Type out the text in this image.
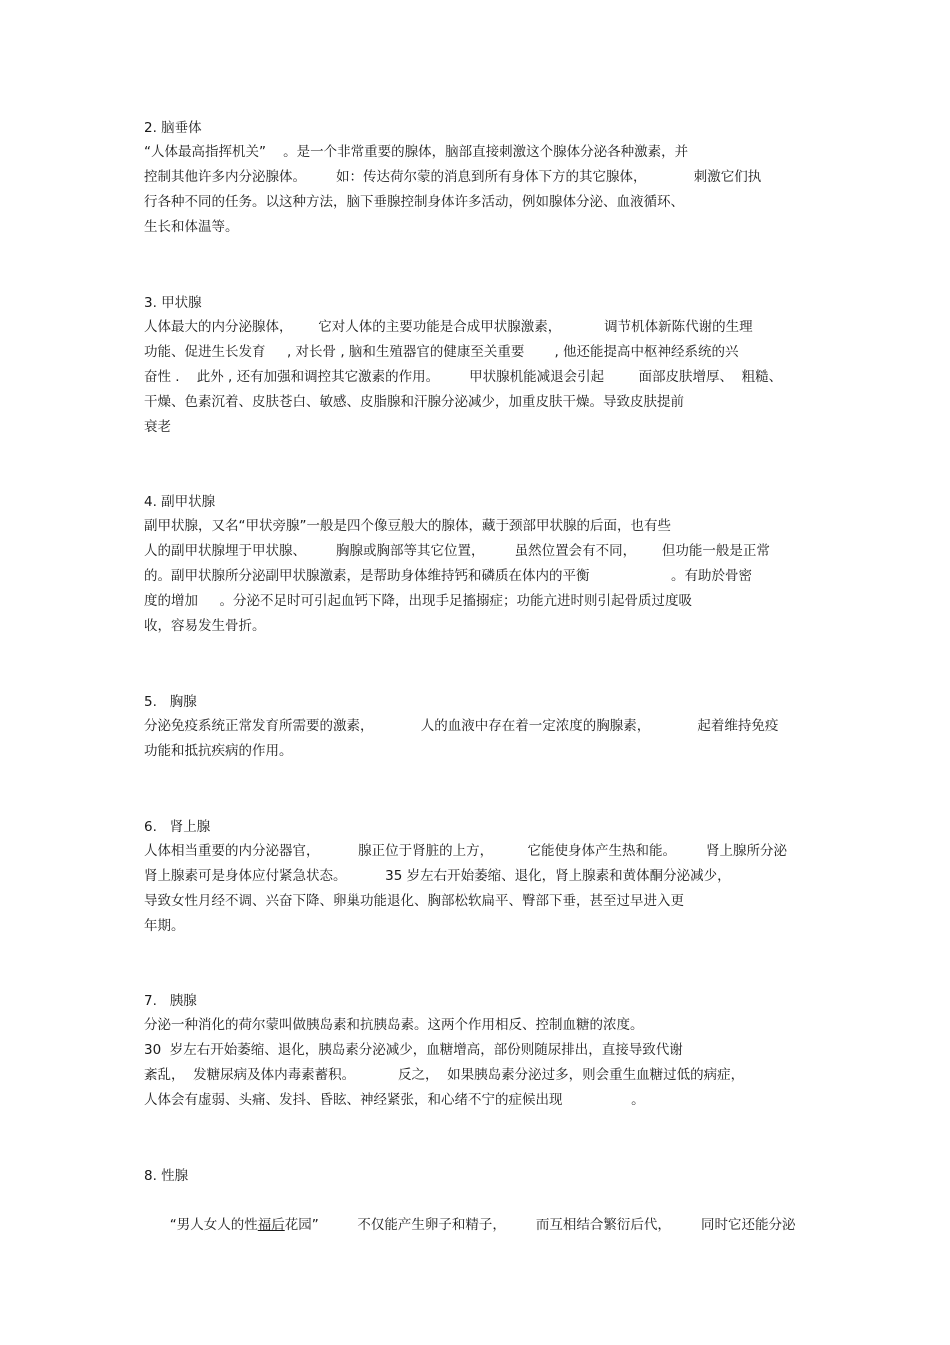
2. 脑垂体
“人体最高指挥机关”    。是一个非常重要的腺体，脑部直接刺激这个腺体分泌各种激素，并
控制其他许多内分泌腺体。       如：传达荷尔蒙的消息到所有身体下方的其它腺体，           刺激它们执
行各种不同的任务。以这种方法，脑下垂腺控制身体许多活动，例如腺体分泌、血液循环、
生长和体温等。
3. 甲状腺
人体最大的内分泌腺体，      它对人体的主要功能是合成甲状腺激素，          调节机体新陈代谢的生理
功能、促进生长发育     , 对长骨 , 脑和生殖器官的健康至关重要       , 他还能提高中枢神经系统的兴
奋性 .    此外 , 还有加强和调控其它激素的作用。       甲状腺机能减退会引起        面部皮肤增厚、  粗糙、
干燥、色素沉着、皮肤苍白、敏感、皮脂腺和汗腺分泌减少，加重皮肤干燥。导致皮肤提前
衰老
4. 副甲状腺
副甲状腺，又名“甲状旁腺”一般是四个像豆般大的腺体，藏于颈部甲状腺的后面，也有些
人的副甲状腺埋于甲状腺、       胸腺或胸部等其它位置，       虽然位置会有不同，      但功能一般是正常
的。副甲状腺所分泌副甲状腺激素，是帮助身体维持钙和磷质在体内的平衡                   。有助於骨密
度的增加     。分泌不足时可引起血钙下降，出现手足搐搦症；功能亢进时则引起骨质过度吸
收，容易发生骨折。
5.   胸腺
分泌免疫系统正常发育所需要的激素，           人的血液中存在着一定浓度的胸腺素，           起着维持免疫
功能和抵抗疾病的作用。
6.   肾上腺
人体相当重要的内分泌器官，         腺正位于肾脏的上方，        它能使身体产生热和能。       肾上腺所分泌
肾上腺素可是身体应付紧急状态。         35 岁左右开始萎缩、退化，肾上腺素和黄体酮分泌减少，
导致女性月经不调、兴奋下降、卵巢功能退化、胸部松软扁平、臀部下垂，甚至过早进入更
年期。
7.   胰腺
分泌一种消化的荷尔蒙叫做胰岛素和抗胰岛素。这两个作用相反、控制血糖的浓度。
30  岁左右开始萎缩、退化，胰岛素分泌减少，血糖增高，部份则随尿排出，直接导致代谢
紊乱，  发糖尿病及体内毒素蓄积。          反之，  如果胰岛素分泌过多，则会重生血糖过低的病症，
人体会有虚弱、头痛、发抖、昏眩、神经紧张，和心绪不宁的症候出现                。
8. 性腺

“男人女人的性福后花园”         不仅能产生卵子和精子，       而互相结合繁衍后代，       同时它还能分泌
